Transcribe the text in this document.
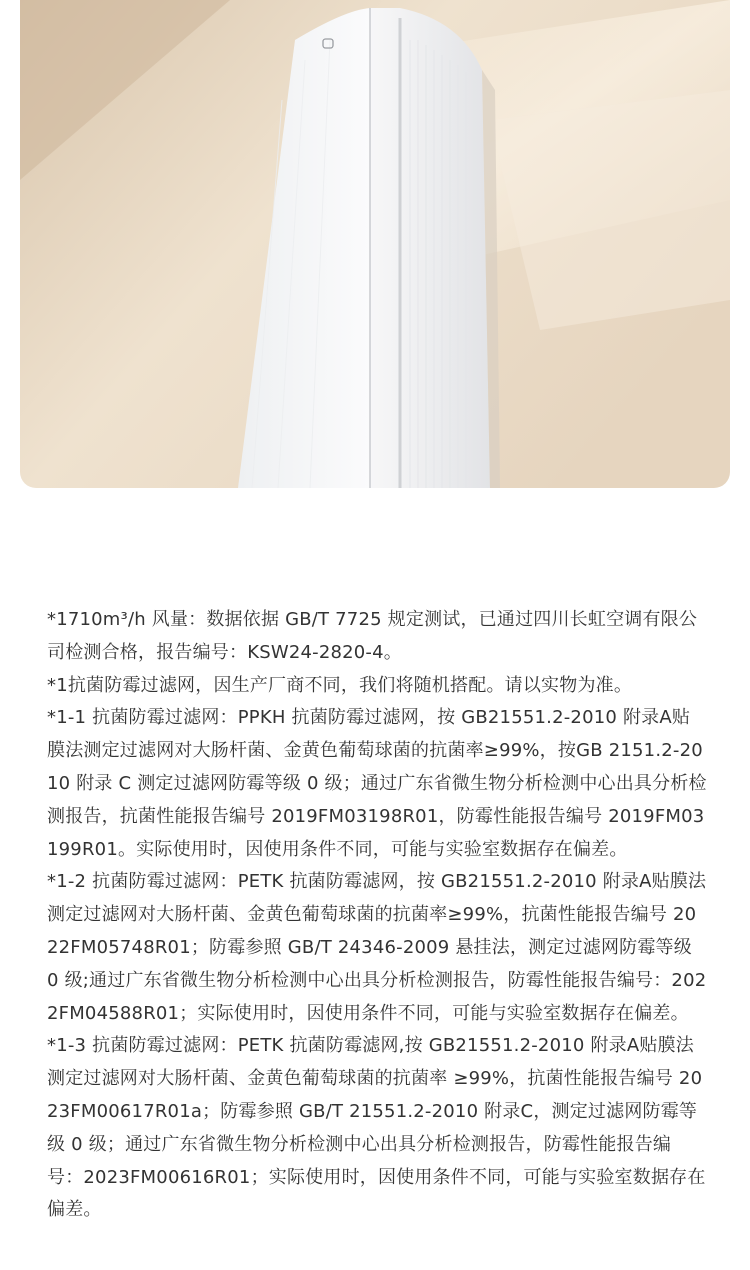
*1710m³/h 风量：数据依据 GB/T 7725 规定测试，已通过四川长虹空调有限公司检测合格，报告编号：KSW24-2820-4。

*1抗菌防霉过滤网，因生产厂商不同，我们将随机搭配。请以实物为准。

*1-1 抗菌防霉过滤网：PPKH 抗菌防霉过滤网，按 GB21551.2-2010 附录A贴膜法测定过滤网对大肠杆菌、金黄色葡萄球菌的抗菌率≥99%，按GB 2151.2-2010 附录 C 测定过滤网防霉等级 0 级；通过广东省微生物分析检测中心出具分析检测报告，抗菌性能报告编号 2019FM03198R01，防霉性能报告编号 2019FM03199R01。实际使用时，因使用条件不同，可能与实验室数据存在偏差。

*1-2 抗菌防霉过滤网：PETK 抗菌防霉滤网，按 GB21551.2-2010 附录A贴膜法测定过滤网对大肠杆菌、金黄色葡萄球菌的抗菌率≥99%，抗菌性能报告编号 2022FM05748R01；防霉参照 GB/T 24346-2009 悬挂法，测定过滤网防霉等级 0 级;通过广东省微生物分析检测中心出具分析检测报告，防霉性能报告编号：2022FM04588R01；实际使用时，因使用条件不同，可能与实验室数据存在偏差。

*1-3 抗菌防霉过滤网：PETK 抗菌防霉滤网,按 GB21551.2-2010 附录A贴膜法测定过滤网对大肠杆菌、金黄色葡萄球菌的抗菌率 ≥99%，抗菌性能报告编号 2023FM00617R01a；防霉参照 GB/T 21551.2-2010 附录C，测定过滤网防霉等级 0 级；通过广东省微生物分析检测中心出具分析检测报告，防霉性能报告编号：2023FM00616R01；实际使用时，因使用条件不同，可能与实验室数据存在偏差。
